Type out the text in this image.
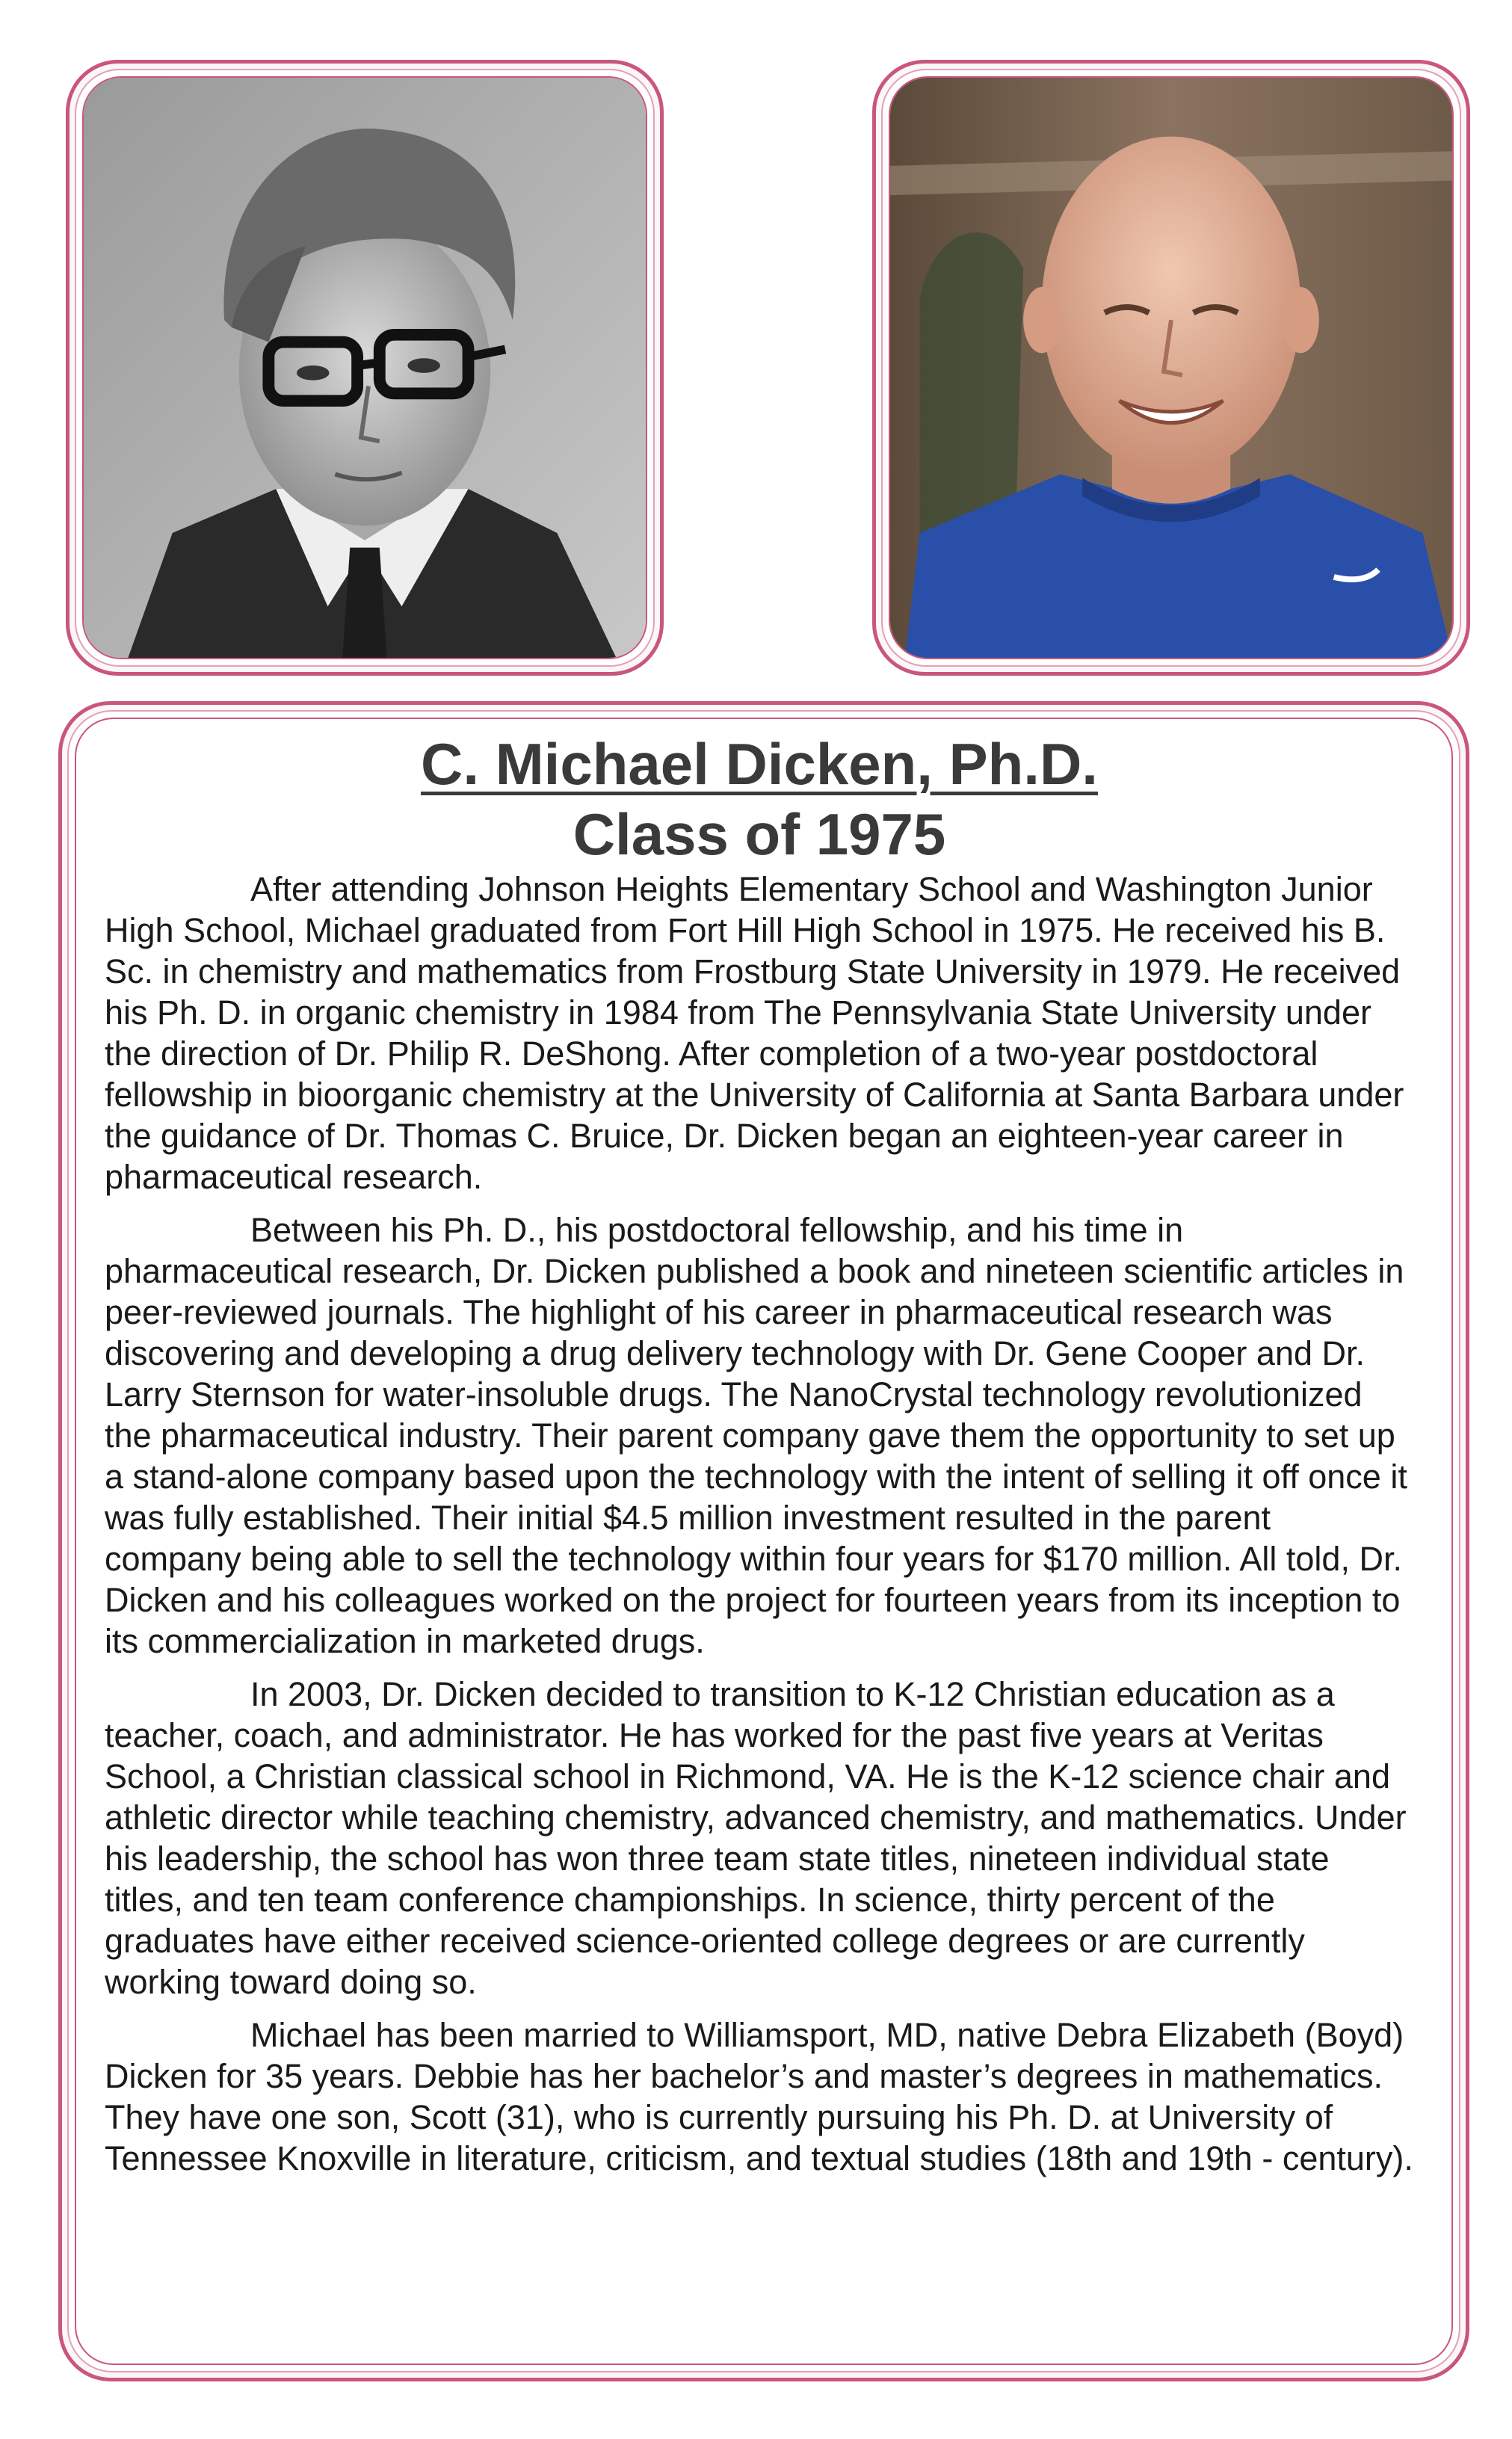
C. Michael Dicken, Ph.D.
Class of 1975

After attending Johnson Heights Elementary School and Washington Junior High School, Michael graduated from Fort Hill High School in 1975. He received his B. Sc. in chemistry and mathematics from Frostburg State University in 1979. He received his Ph. D. in organic chemistry in 1984 from The Pennsylvania State University under the direction of Dr. Philip R. DeShong. After completion of a two-year postdoctoral fellowship in bioorganic chemistry at the University of California at Santa Barbara under the guidance of Dr. Thomas C. Bruice, Dr. Dicken began an eighteen-year career in pharmaceutical research.

Between his Ph. D., his postdoctoral fellowship, and his time in pharmaceutical research, Dr. Dicken published a book and nineteen scientific articles in peer-reviewed journals. The highlight of his career in pharmaceutical research was discovering and developing a drug delivery technology with Dr. Gene Cooper and Dr. Larry Sternson for water-insoluble drugs. The NanoCrystal technology revolutionized the pharmaceutical industry. Their parent company gave them the opportunity to set up a stand-alone company based upon the technology with the intent of selling it off once it was fully established. Their initial $4.5 million investment resulted in the parent company being able to sell the technology within four years for $170 million. All told, Dr. Dicken and his colleagues worked on the project for fourteen years from its inception to its commercialization in marketed drugs.

In 2003, Dr. Dicken decided to transition to K-12 Christian education as a teacher, coach, and administrator. He has worked for the past five years at Veritas School, a Christian classical school in Richmond, VA. He is the K-12 science chair and athletic director while teaching chemistry, advanced chemistry, and mathematics. Under his leadership, the school has won three team state titles, nineteen individual state titles, and ten team conference championships. In science, thirty percent of the graduates have either received science-oriented college degrees or are currently working toward doing so.

Michael has been married to Williamsport, MD, native Debra Elizabeth (Boyd) Dicken for 35 years. Debbie has her bachelor’s and master’s degrees in mathematics. They have one son, Scott (31), who is currently pursuing his Ph. D. at University of Tennessee Knoxville in literature, criticism, and textual studies (18th and 19th - century).
